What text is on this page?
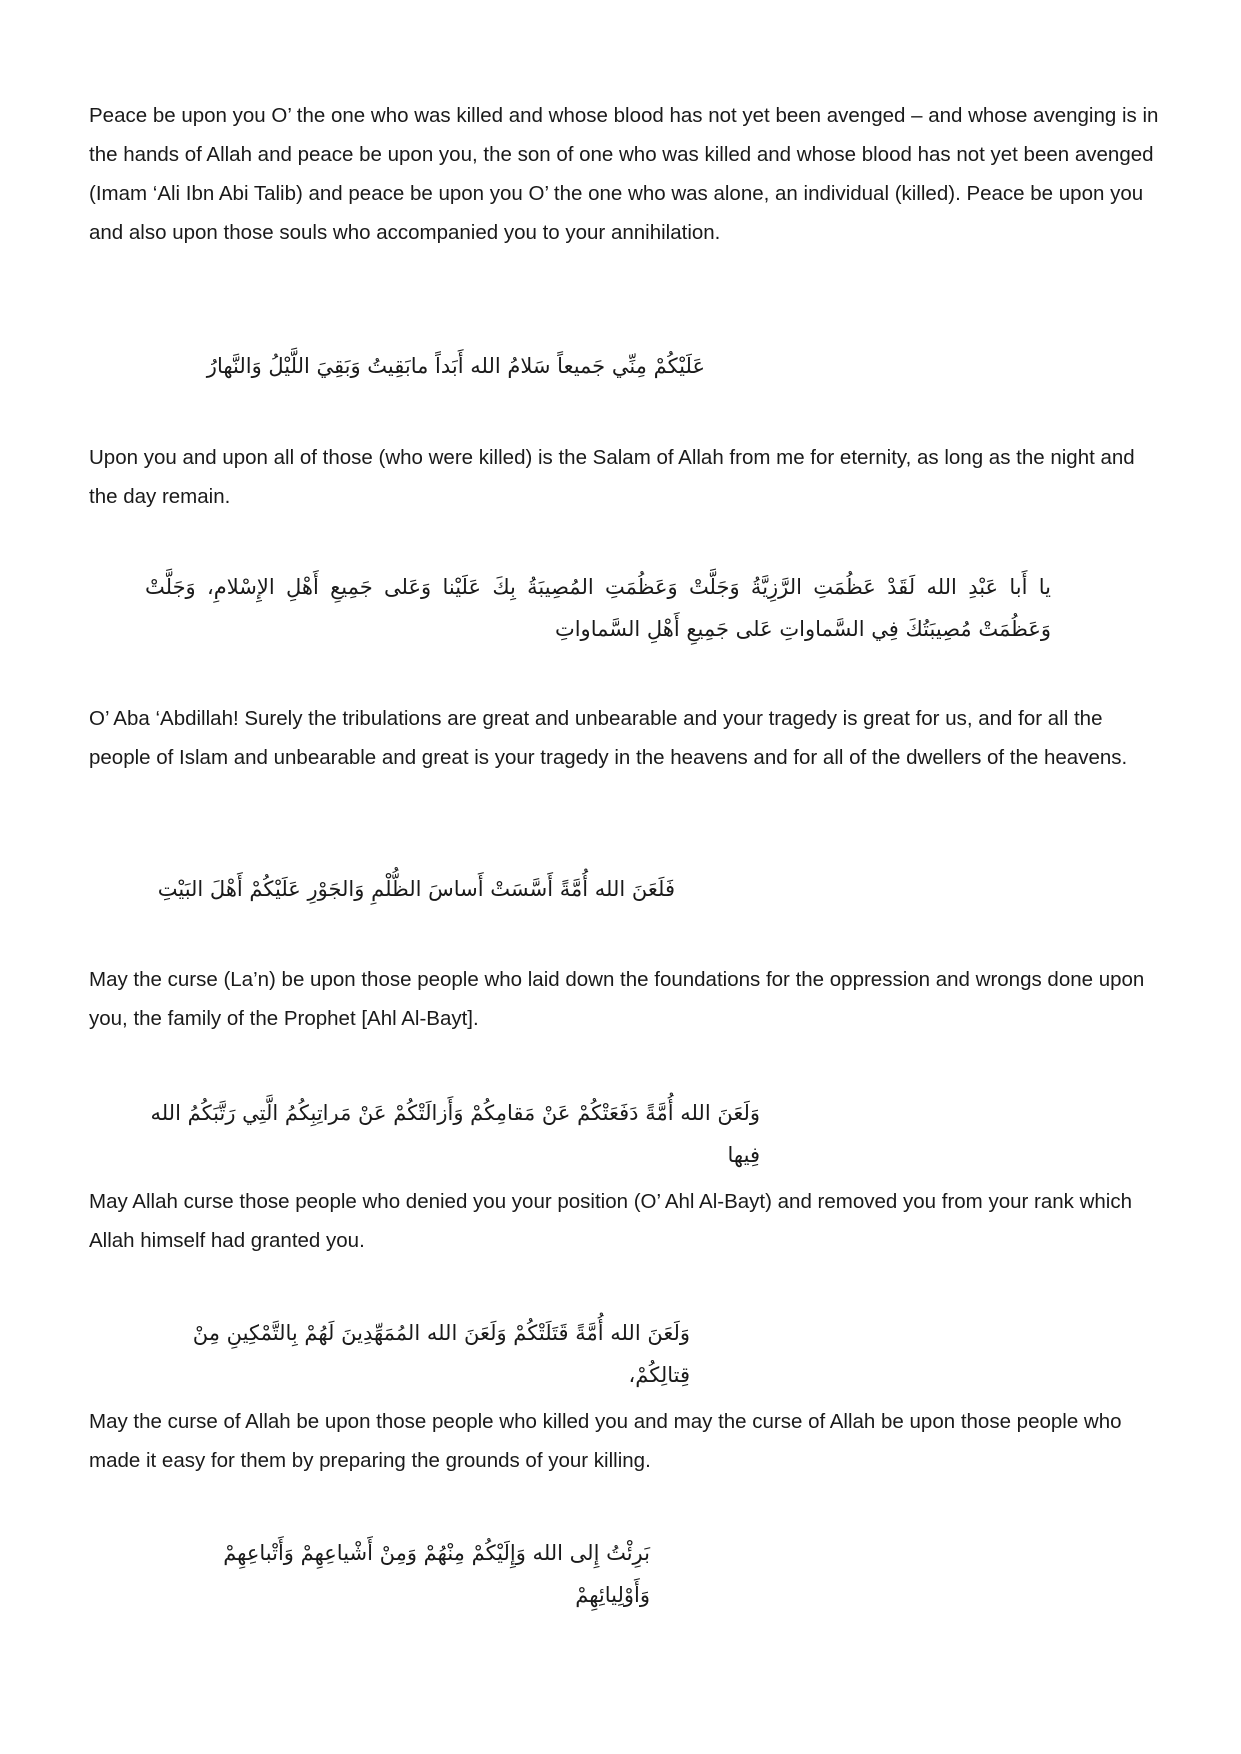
Peace be upon you O’ the one who was killed and whose blood has not yet been avenged – and whose avenging is in the hands of Allah and peace be upon you, the son of one who was killed and whose blood has not yet been avenged (Imam ‘Ali Ibn Abi Talib) and peace be upon you O’ the one who was alone, an individual (killed). Peace be upon you and also upon those souls who accompanied you to your annihilation.

عَلَيْكُمْ مِنِّي جَميعاً سَلامُ الله أَبَداً مابَقِيتُ وَبَقِيَ اللَّيْلُ وَالنَّهارُ

Upon you and upon all of those (who were killed) is the Salam of Allah from me for eternity, as long as the night and the day remain.

يا أَبا عَبْدِ الله لَقَدْ عَظُمَتِ الرَّزِيَّةُ وَجَلَّتْ وَعَظُمَتِ المُصِيبَةُ بِكَ عَلَيْنا وَعَلى جَمِيعِ أَهْلِ الإِسْلامِ، وَجَلَّتْ وَعَظُمَتْ مُصِيبَتُكَ فِي السَّماواتِ عَلى جَمِيعِ أَهْلِ السَّماواتِ

O’ Aba ‘Abdillah! Surely the tribulations are great and unbearable and your tragedy is great for us, and for all the people of Islam and unbearable and great is your tragedy in the heavens and for all of the dwellers of the heavens.

فَلَعَنَ الله أُمَّةً أَسَّسَتْ أَساسَ الظُّلْمِ وَالجَوْرِ عَلَيْكُمْ أَهْلَ البَيْتِ

May the curse (La’n) be upon those people who laid down the foundations for the oppression and wrongs done upon you, the family of the Prophet [Ahl Al-Bayt].

وَلَعَنَ الله أُمَّةً دَفَعَتْكُمْ عَنْ مَقامِكُمْ وَأَزالَتْكُمْ عَنْ مَراتِبِكُمُ الَّتِي رَتَّبَكُمُ الله فِيها

May Allah curse those people who denied you your position (O’ Ahl Al-Bayt) and removed you from your rank which Allah himself had granted you.

وَلَعَنَ الله أُمَّةً قَتَلَتْكُمْ وَلَعَنَ الله المُمَهِّدِينَ لَهُمْ بِالتَّمْكِينِ مِنْ قِتالِكُمْ،

May the curse of Allah be upon those people who killed you and may the curse of Allah be upon those people who made it easy for them by preparing the grounds of your killing.

بَرِئْتُ إِلى الله وَإِلَيْكُمْ مِنْهُمْ وَمِنْ أَشْياعِهِمْ وَأَتْباعِهِمْ وَأَوْلِيائِهِمْ
